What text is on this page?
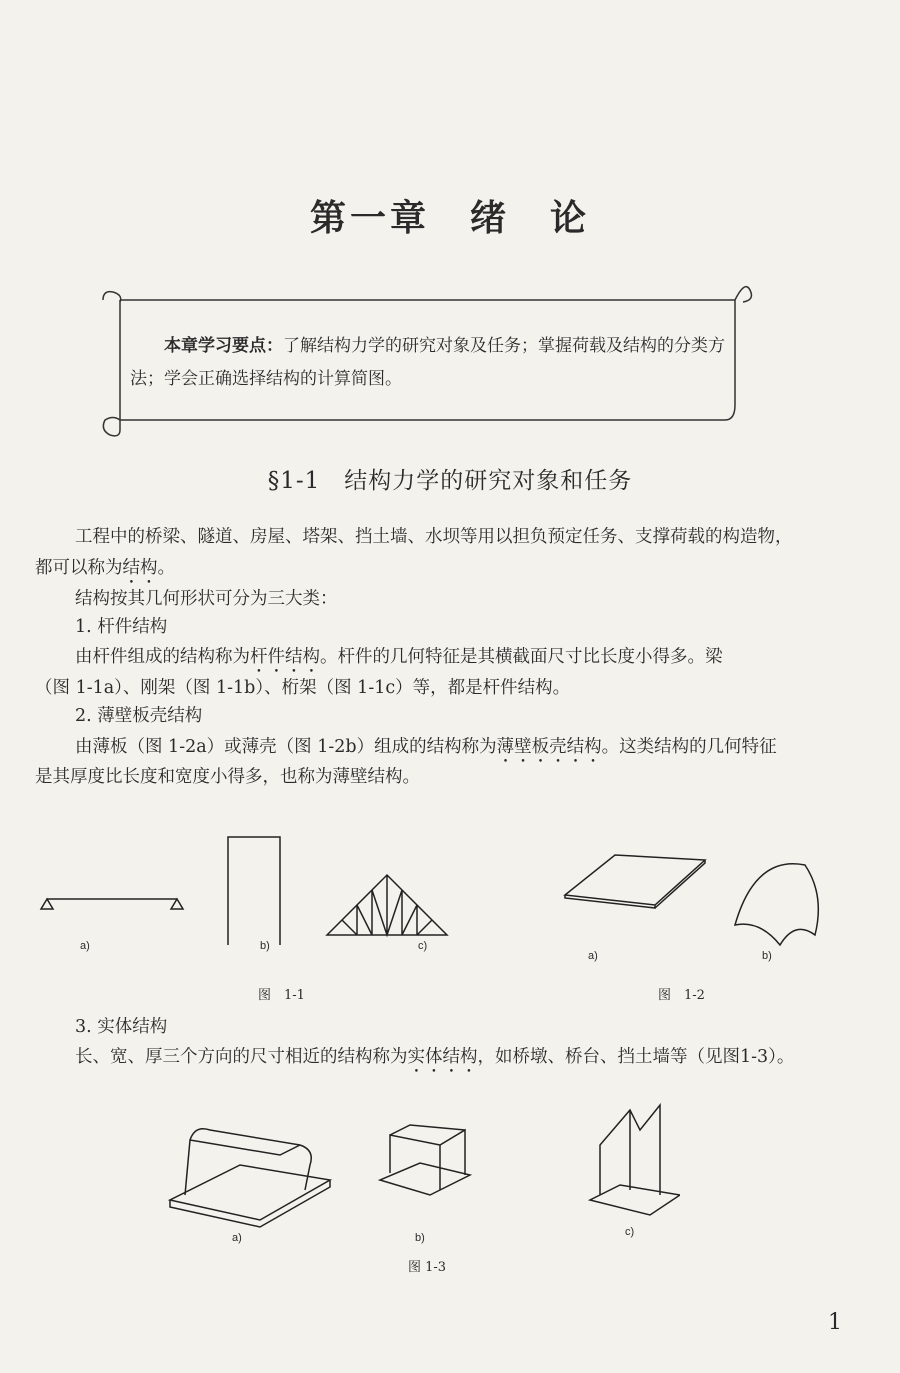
第一章　绪　论
本章学习要点：了解结构力学的研究对象及任务；掌握荷载及结构的分类方法；学会正确选择结构的计算简图。
§1-1　结构力学的研究对象和任务
工程中的桥梁、隧道、房屋、塔架、挡土墙、水坝等用以担负预定任务、支撑荷载的构造物，
都可以称为结构。
结构按其几何形状可分为三大类：
1. 杆件结构
由杆件组成的结构称为杆件结构。杆件的几何特征是其横截面尺寸比长度小得多。梁
（图 1-1a）、刚架（图 1-1b）、桁架（图 1-1c）等，都是杆件结构。
2. 薄壁板壳结构
由薄板（图 1-2a）或薄壳（图 1-2b）组成的结构称为薄壁板壳结构。这类结构的几何特征
是其厚度比长度和宽度小得多，也称为薄壁结构。
a)	b)	c)
a)	b)
图　1-1	图　1-2
3. 实体结构
长、宽、厚三个方向的尺寸相近的结构称为实体结构，如桥墩、桥台、挡土墙等（见图1-3）。
a)	b)	c)
图 1-3
1
